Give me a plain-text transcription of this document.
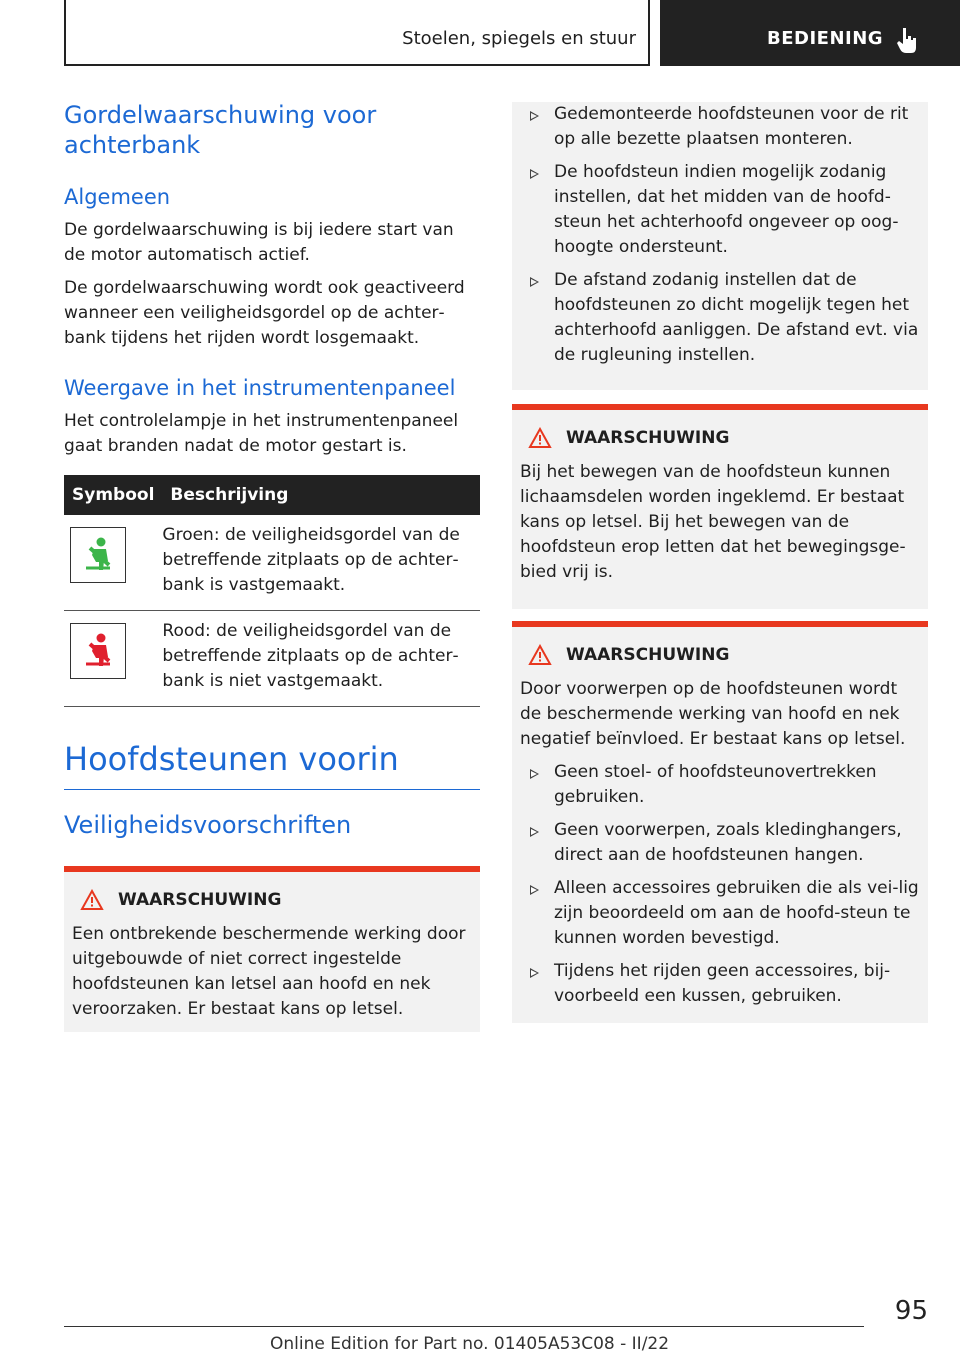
Stoelen, spiegels en stuur	BEDIENING
Gordelwaarschuwing voor achterbank
Algemeen

De gordelwaarschuwing is bij iedere start van de motor automatisch actief.

De gordelwaarschuwing wordt ook geactiveerd wanneer een veiligheidsgordel op de achter‐bank tijdens het rijden wordt losgemaakt.

Weergave in het instrumentenpaneel

Het controlelampje in het instrumentenpaneel gaat branden nadat de motor gestart is.

Symbool	Beschrijving

	Groen: de veiligheidsgordel van de betreffende zitplaats op de achter‐bank is vastgemaakt.

	Rood: de veiligheidsgordel van de betreffende zitplaats op de achter‐bank is niet vastgemaakt.
Hoofdsteunen voorin
Veiligheidsvoorschriften
WAARSCHUWING

Een ontbrekende beschermende werking door uitgebouwde of niet correct ingestelde hoofdsteunen kan letsel aan hoofd en nek veroorzaken. Er bestaat kans op letsel.

Gedemonteerde hoofdsteunen voor de rit op alle bezette plaatsen monteren.
De hoofdsteun indien mogelijk zodanig instellen, dat het midden van de hoofd‐steun het achterhoofd ongeveer op oog‐hoogte ondersteunt.
De afstand zodanig instellen dat de hoofdsteunen zo dicht mogelijk tegen het achterhoofd aanliggen. De afstand evt. via de rugleuning instellen.
WAARSCHUWING

Bij het bewegen van de hoofdsteun kunnen lichaamsdelen worden ingeklemd. Er bestaat kans op letsel. Bij het bewegen van de hoofdsteun erop letten dat het bewegingsge‐bied vrij is.

WAARSCHUWING

Door voorwerpen op de hoofdsteunen wordt de beschermende werking van hoofd en nek negatief beïnvloed. Er bestaat kans op letsel.

Geen stoel- of hoofdsteunovertrekken gebruiken.
Geen voorwerpen, zoals kledinghangers, direct aan de hoofdsteunen hangen.
Alleen accessoires gebruiken die als vei‐lig zijn beoordeeld om aan de hoofd‐steun te kunnen worden bevestigd.
Tijdens het rijden geen accessoires, bij‐voorbeeld een kussen, gebruiken.
95
Online Edition for Part no. 01405A53C08 - II/22
